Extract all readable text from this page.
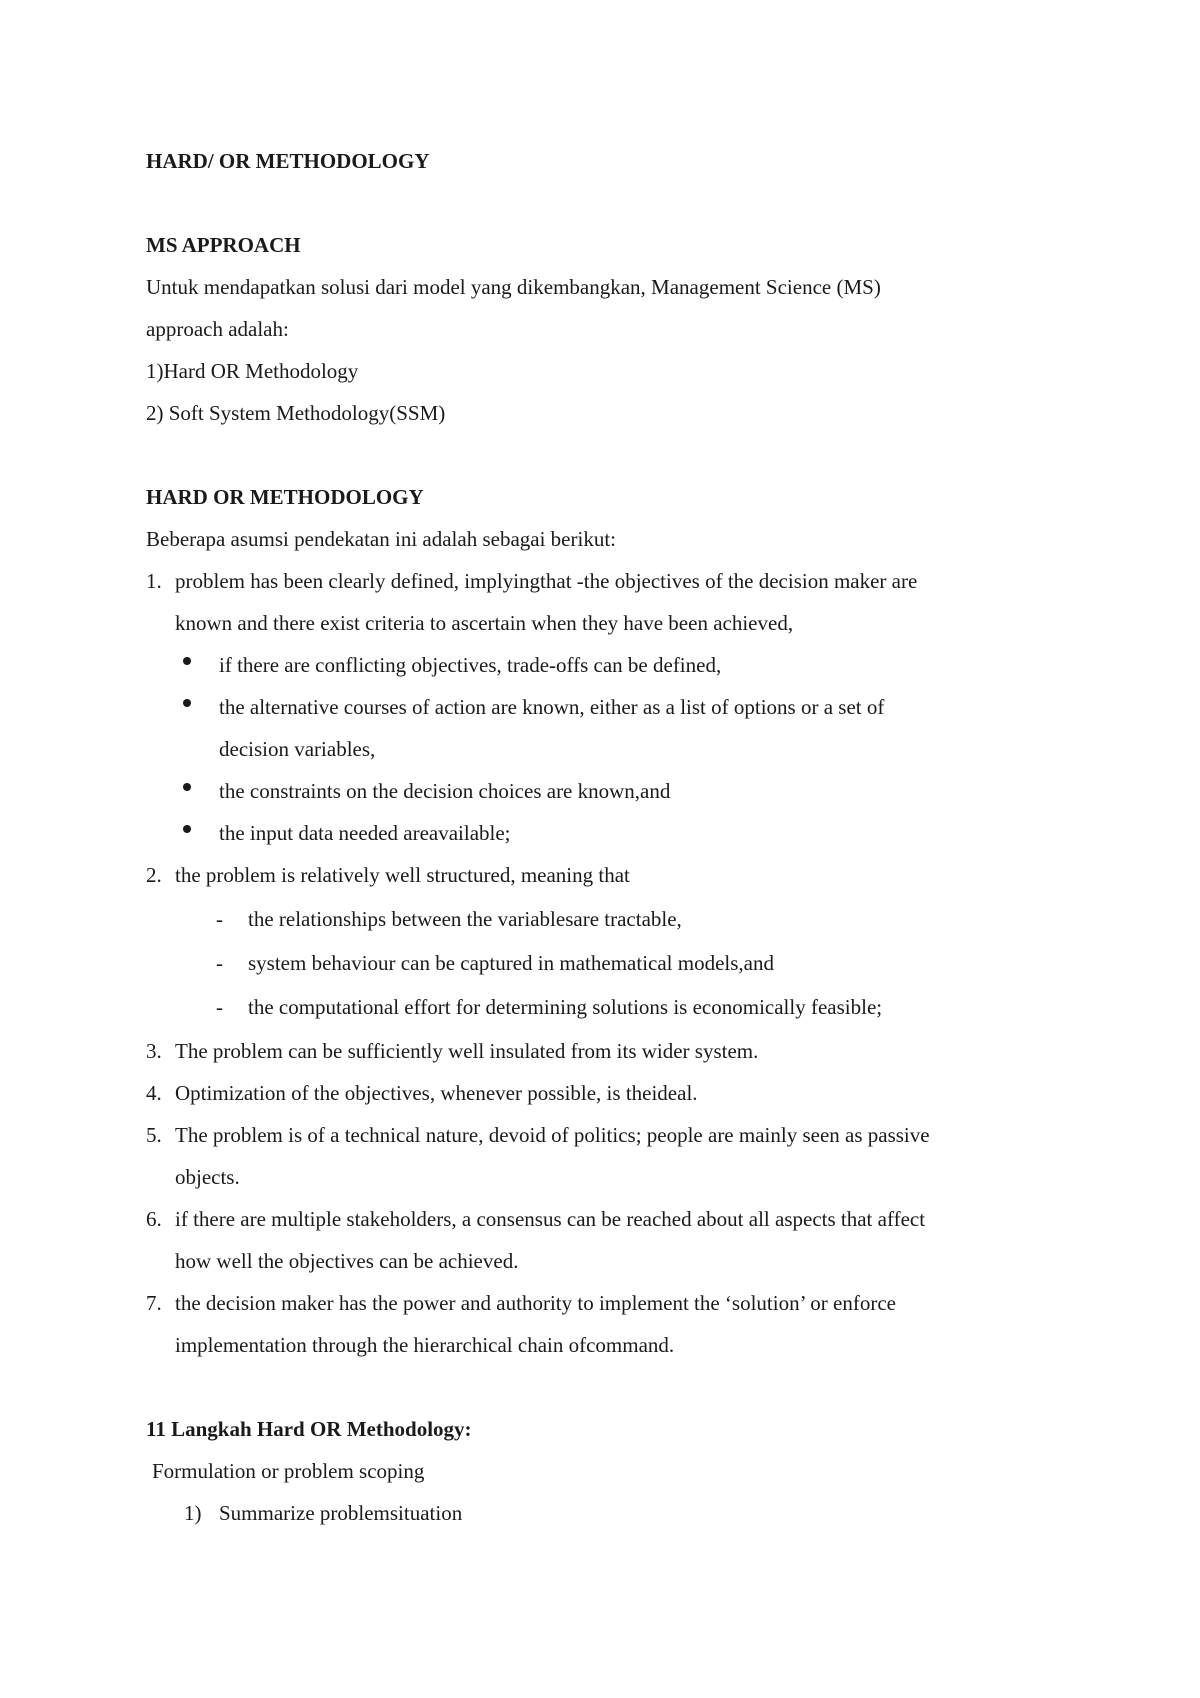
HARD/ OR METHODOLOGY
MS APPROACH
Untuk mendapatkan solusi dari model yang dikembangkan, Management Science (MS)
approach adalah:
1)Hard OR Methodology
2) Soft System Methodology(SSM)
HARD OR METHODOLOGY
Beberapa asumsi pendekatan ini adalah sebagai berikut:
1. problem has been clearly defined, implyingthat -the objectives of the decision maker are
known and there exist criteria to ascertain when they have been achieved,
if there are conflicting objectives, trade-offs can be defined,
the alternative courses of action are known, either as a list of options or a set of
decision variables,
the constraints on the decision choices are known,and
the input data needed areavailable;
2. the problem is relatively well structured, meaning that
- the relationships between the variablesare tractable,
- system behaviour can be captured in mathematical models,and
- the computational effort for determining solutions is economically feasible;
3. The problem can be sufficiently well insulated from its wider system.
4. Optimization of the objectives, whenever possible, is theideal.
5. The problem is of a technical nature, devoid of politics; people are mainly seen as passive
objects.
6. if there are multiple stakeholders, a consensus can be reached about all aspects that affect
how well the objectives can be achieved.
7. the decision maker has the power and authority to implement the ‘solution’ or enforce
implementation through the hierarchical chain ofcommand.
11 Langkah Hard OR Methodology:
Formulation or problem scoping
1) Summarize problemsituation
